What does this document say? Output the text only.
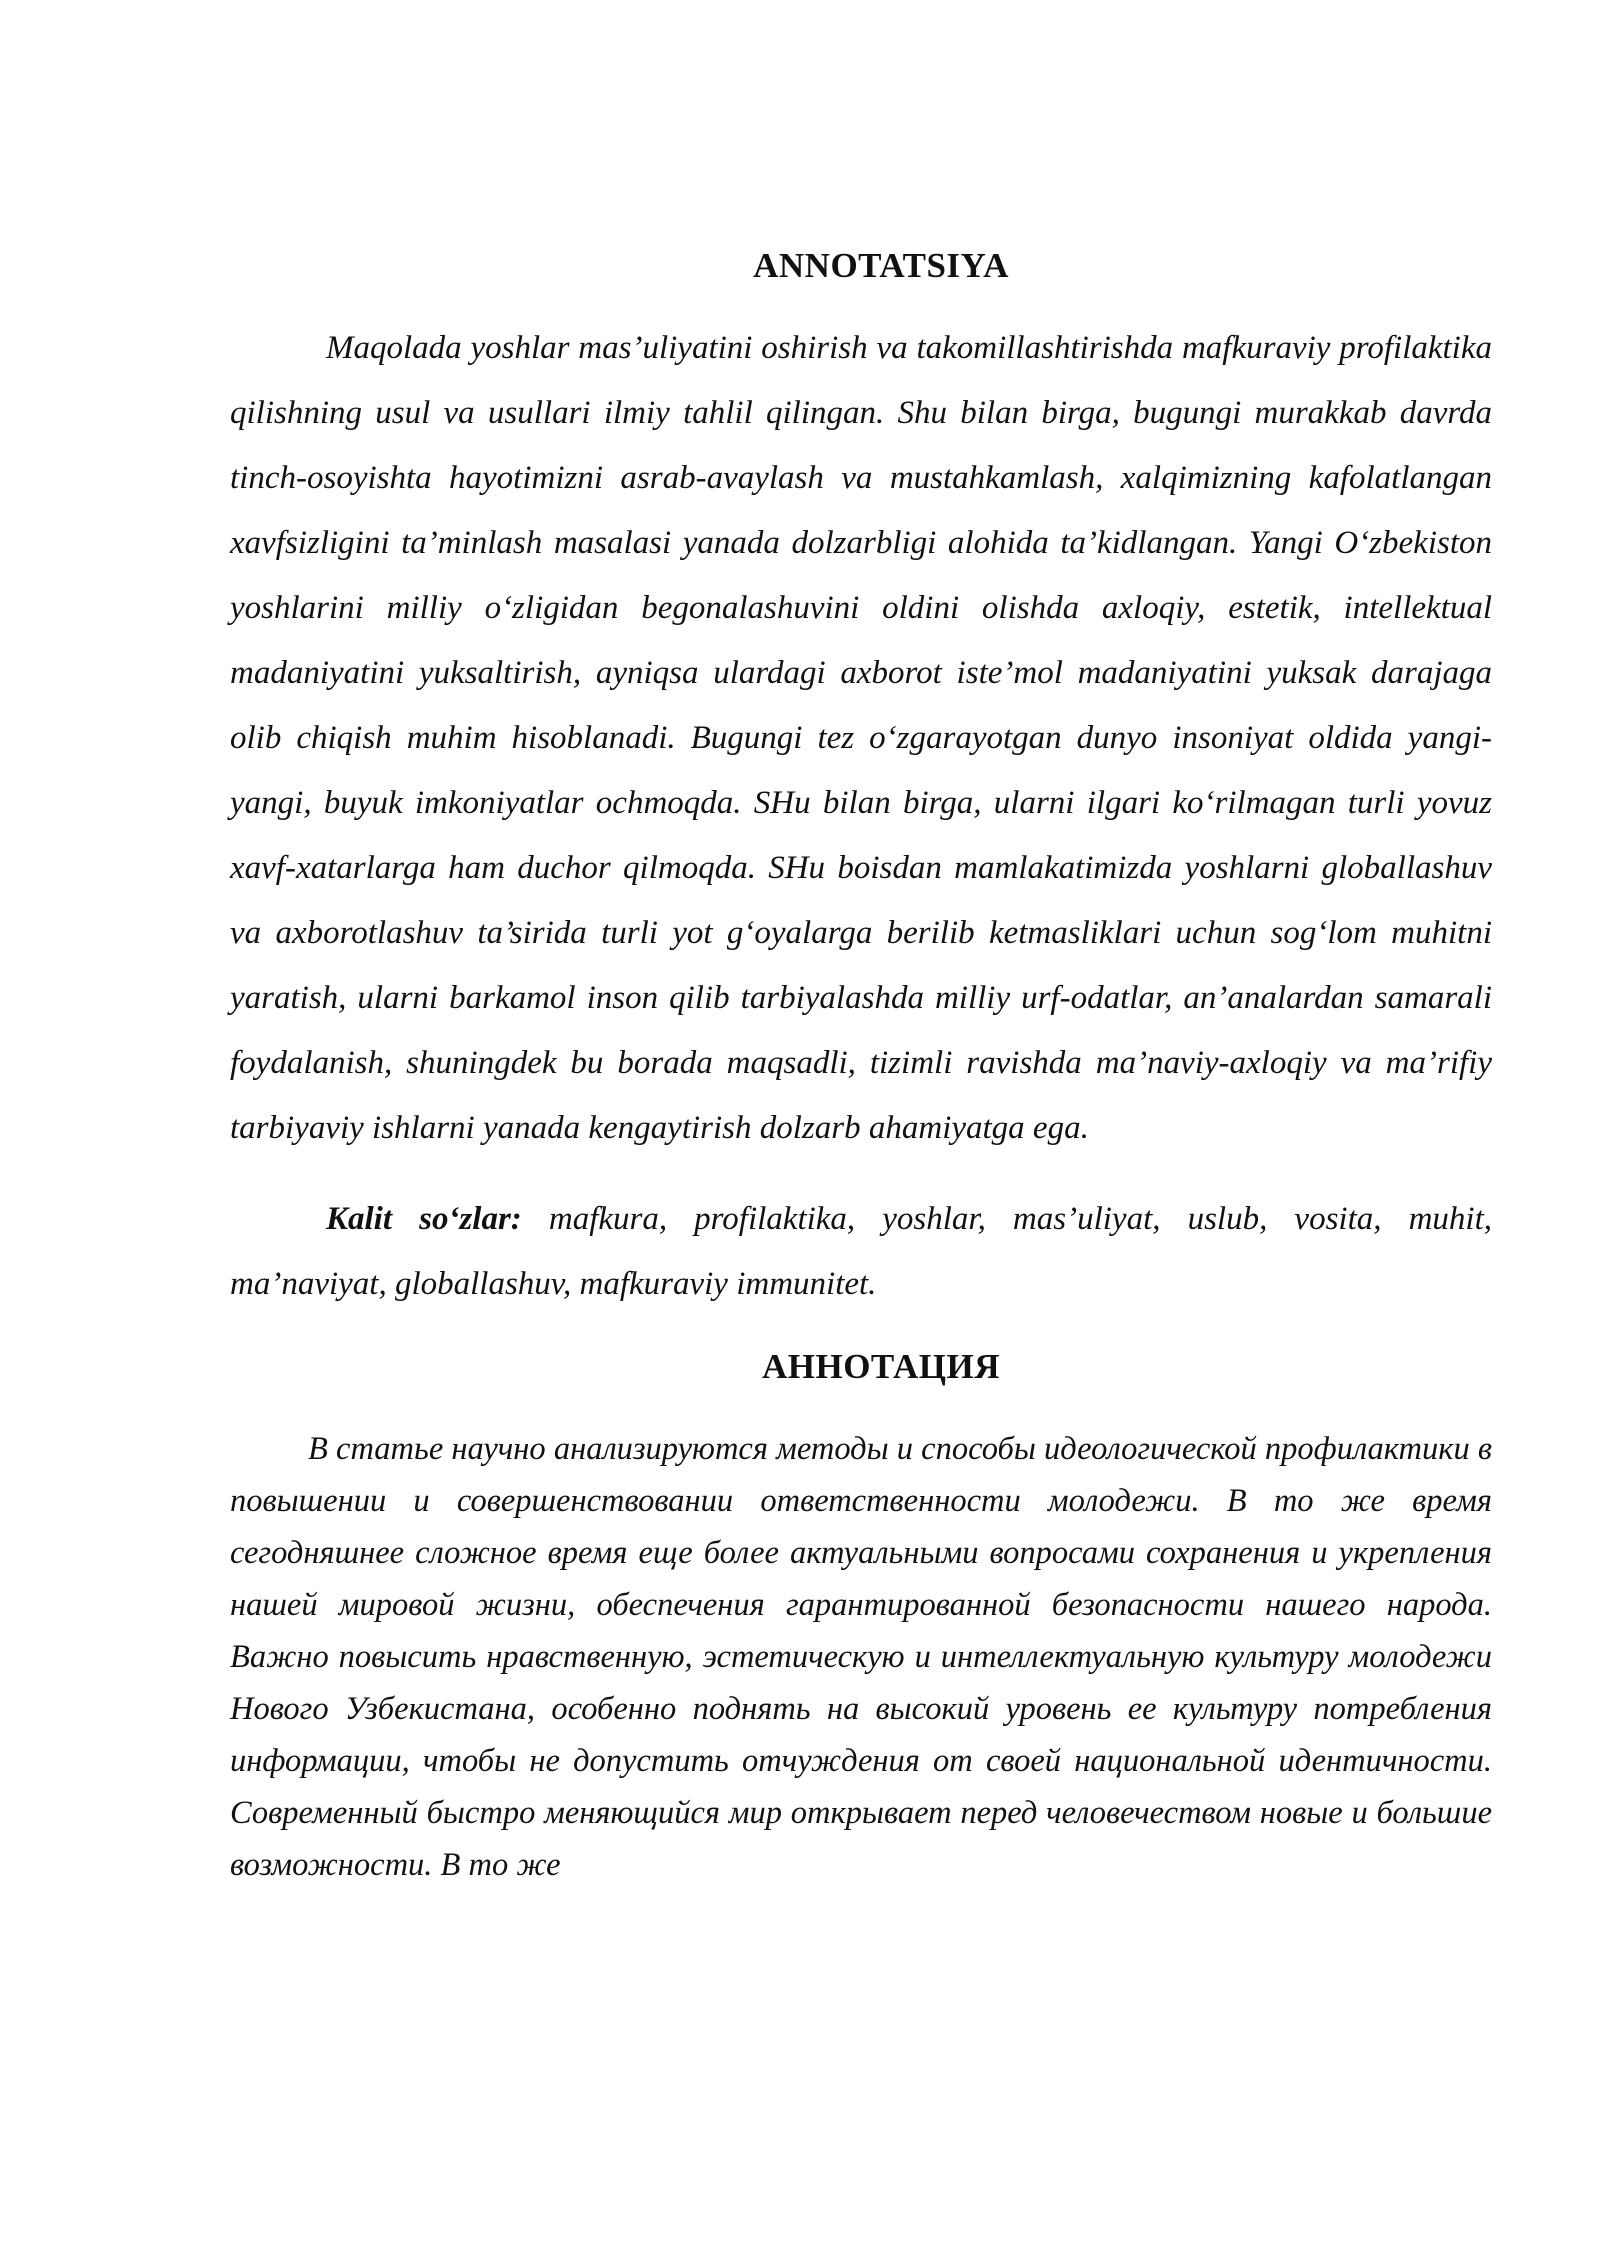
ANNOTATSIYA

Maqolada yoshlar mas’uliyatini oshirish va takomillashtirishda mafkuraviy profilaktika qilishning usul va usullari ilmiy tahlil qilingan. Shu bilan birga, bugungi murakkab davrda tinch-osoyishta hayotimizni asrab-avaylash va mustahkamlash, xalqimizning kafolatlangan xavfsizligini ta’minlash masalasi yanada dolzarbligi alohida ta’kidlangan. Yangi O‘zbekiston yoshlarini milliy o‘zligidan begonalashuvini oldini olishda axloqiy, estetik, intellektual madaniyatini yuksaltirish, ayniqsa ulardagi axborot iste’mol madaniyatini yuksak darajaga olib chiqish muhim hisoblanadi. Bugungi tez o‘zgarayotgan dunyo insoniyat oldida yangi-yangi, buyuk imkoniyatlar ochmoqda. SHu bilan birga, ularni ilgari ko‘rilmagan turli yovuz xavf-xatarlarga ham duchor qilmoqda. SHu boisdan mamlakatimizda yoshlarni globallashuv va axborotlashuv ta’sirida turli yot g‘oyalarga berilib ketmasliklari uchun sog‘lom muhitni yaratish, ularni barkamol inson qilib tarbiyalashda milliy urf-odatlar, an’analardan samarali foydalanish, shuningdek bu borada maqsadli, tizimli ravishda ma’naviy-axloqiy va ma’rifiy tarbiyaviy ishlarni yanada kengaytirish dolzarb ahamiyatga ega.

Kalit so‘zlar: mafkura, profilaktika, yoshlar, mas’uliyat, uslub, vosita, muhit, ma’naviyat, globallashuv, mafkuraviy immunitet.

АННОТАЦИЯ

В статье научно анализируются методы и способы идеологической профилактики в повышении и совершенствовании ответственности молодежи. В то же время сегодняшнее сложное время еще более актуальными вопросами сохранения и укрепления нашей мировой жизни, обеспечения гарантированной безопасности нашего народа. Важно повысить нравственную, эстетическую и интеллектуальную культуру молодежи Нового Узбекистана, особенно поднять на высокий уровень ее культуру потребления информации, чтобы не допустить отчуждения от своей национальной идентичности. Современный быстро меняющийся мир открывает перед человечеством новые и большие возможности. В то же
